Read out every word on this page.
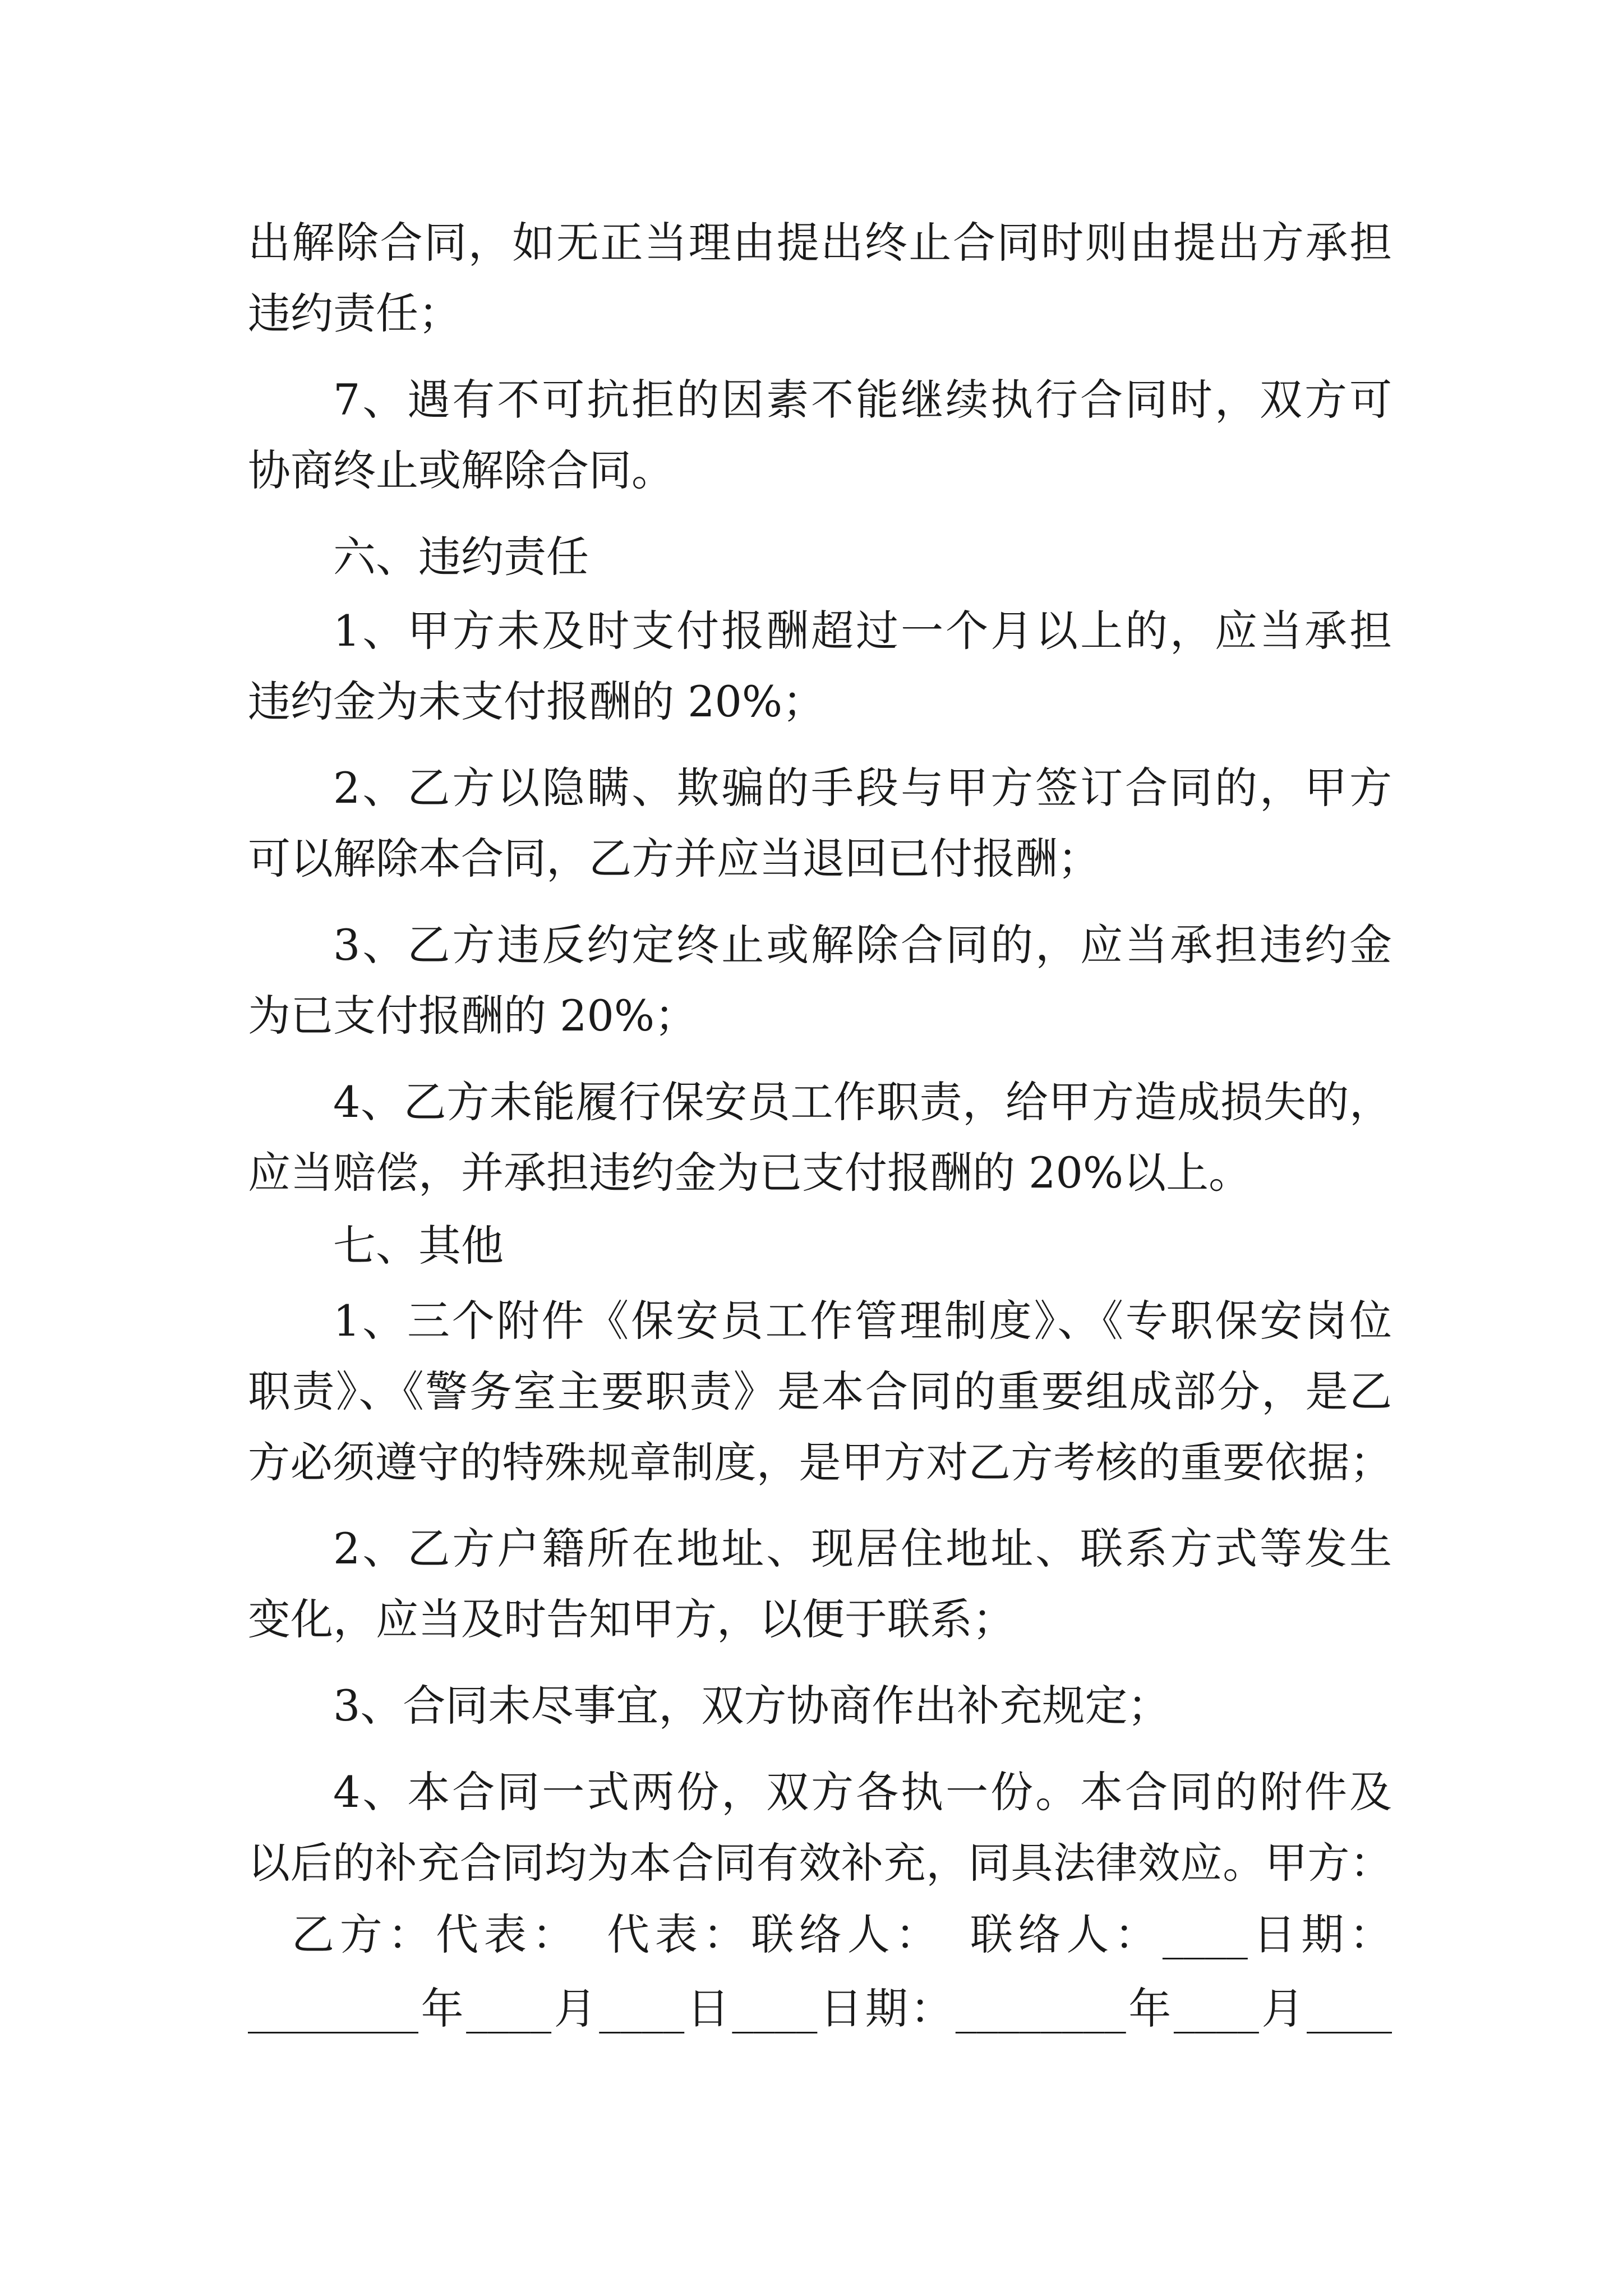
出解除合同，如无正当理由提出终止合同时则由提出方承担
违约责任；
7、遇有不可抗拒的因素不能继续执行合同时，双方可
协商终止或解除合同。
六、违约责任
1、甲方未及时支付报酬超过一个月以上的，应当承担
违约金为未支付报酬的 20%；
2、乙方以隐瞒、欺骗的手段与甲方签订合同的，甲方
可以解除本合同，乙方并应当退回已付报酬；
3、乙方违反约定终止或解除合同的，应当承担违约金
为已支付报酬的 20%；
4、乙方未能履行保安员工作职责，给甲方造成损失的，
应当赔偿，并承担违约金为已支付报酬的 20%以上。
七、其他
1、三个附件《保安员工作管理制度》、《专职保安岗位
职责》、《警务室主要职责》是本合同的重要组成部分，是乙
方必须遵守的特殊规章制度，是甲方对乙方考核的重要依据；
2、乙方户籍所在地址、现居住地址、联系方式等发生
变化，应当及时告知甲方，以便于联系；
3、合同未尽事宜，双方协商作出补充规定；
4、本合同一式两份，双方各执一份。本合同的附件及
以后的补充合同均为本合同有效补充，同具法律效应。甲方：
乙方：代表：　代表：联络人：　联络人：____日期：
________年____月____日____日期：________年____月____
